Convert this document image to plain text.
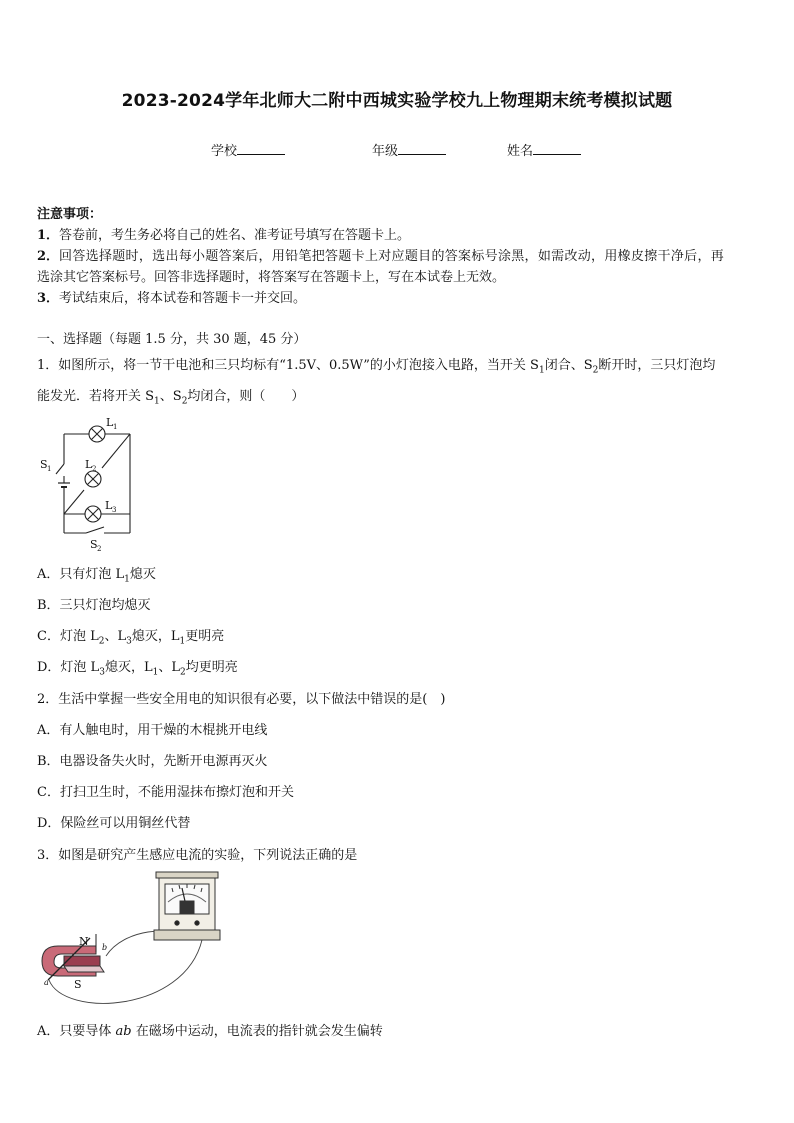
2023-2024学年北师大二附中西城实验学校九上物理期末统考模拟试题
学校	年级	姓名
注意事项：
1．答卷前，考生务必将自己的姓名、准考证号填写在答题卡上。
2．回答选择题时，选出每小题答案后，用铅笔把答题卡上对应题目的答案标号涂黑，如需改动，用橡皮擦干净后，再
选涂其它答案标号。回答非选择题时，将答案写在答题卡上，写在本试卷上无效。
3．考试结束后，将本试卷和答题卡一并交回。
一、选择题（每题 1.5 分，共 30 题，45 分）
1．如图所示，将一节干电池和三只均标有“1.5V、0.5W”的小灯泡接入电路，当开关 $S_1$闭合、$S_2$断开时，三只灯泡均
能发光．若将开关 $S_1$、$S_2$均闭合，则（　　）
L 1
L 2
L 3
S 1
S 2
A．只有灯泡 $L_1$熄灭
B．三只灯泡均熄灭
C．灯泡 $L_2$、$L_3$熄灭，$L_1$更明亮
D．灯泡 $L_3$熄灭，$L_1$、$L_2$均更明亮
2．生活中掌握一些安全用电的知识很有必要，以下做法中错误的是(　)
A．有人触电时，用干燥的木棍挑开电线
B．电器设备失火时，先断开电源再灭火
C．打扫卫生时，不能用湿抹布擦灯泡和开关
D．保险丝可以用铜丝代替
3．如图是研究产生感应电流的实验，下列说法正确的是
N
S
a
b
A．只要导体 ab 在磁场中运动，电流表的指针就会发生偏转
